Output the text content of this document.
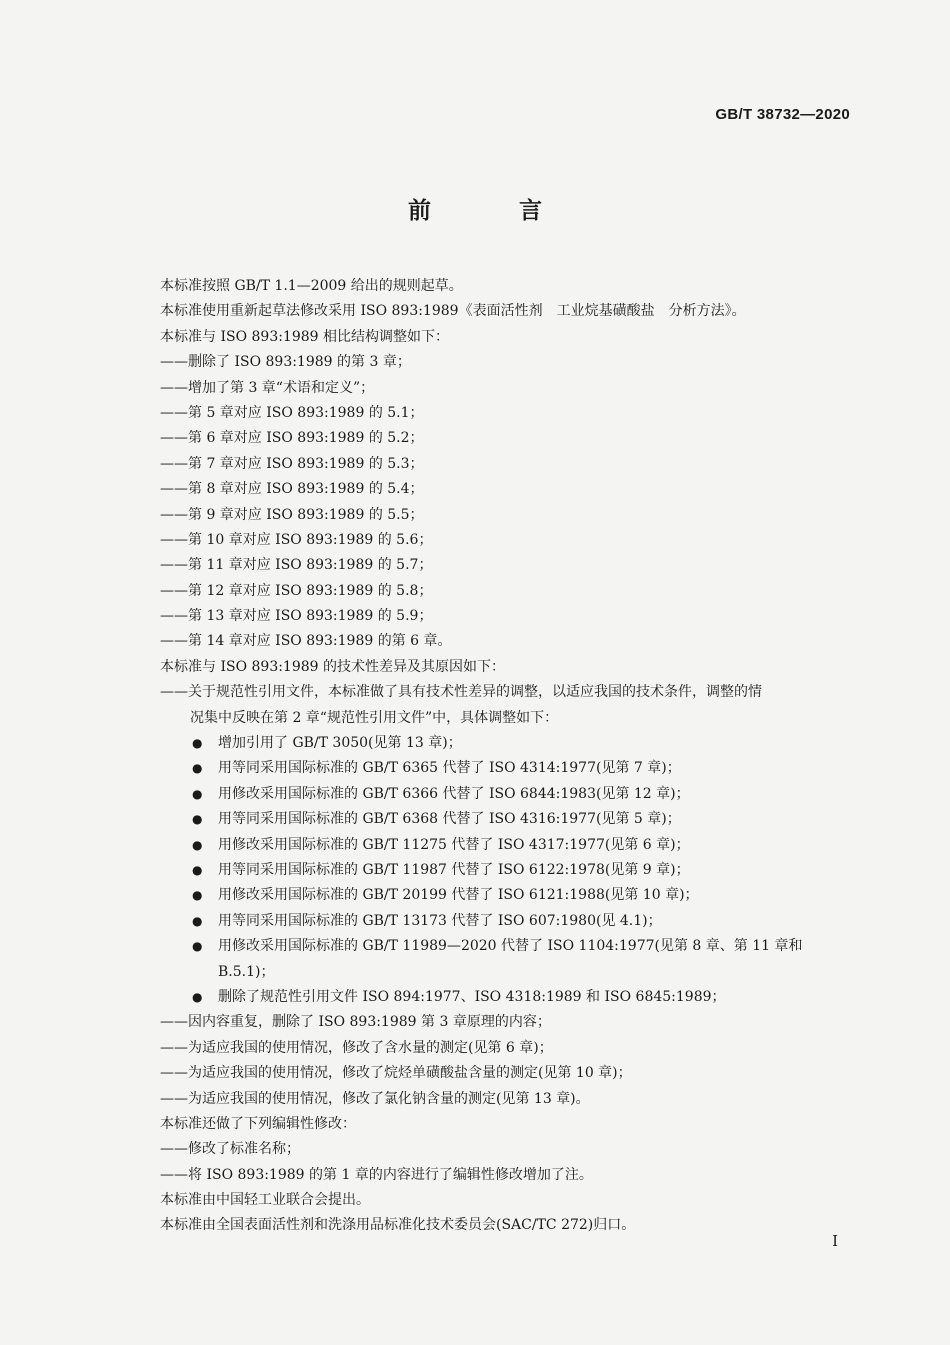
GB/T 38732—2020
前 言
本标准按照 GB/T 1.1—2009 给出的规则起草。
本标准使用重新起草法修改采用 ISO 893:1989《表面活性剂　工业烷基磺酸盐　分析方法》。
本标准与 ISO 893:1989 相比结构调整如下：
——删除了 ISO 893:1989 的第 3 章；
——增加了第 3 章“术语和定义”；
——第 5 章对应 ISO 893:1989 的 5.1；
——第 6 章对应 ISO 893:1989 的 5.2；
——第 7 章对应 ISO 893:1989 的 5.3；
——第 8 章对应 ISO 893:1989 的 5.4；
——第 9 章对应 ISO 893:1989 的 5.5；
——第 10 章对应 ISO 893:1989 的 5.6；
——第 11 章对应 ISO 893:1989 的 5.7；
——第 12 章对应 ISO 893:1989 的 5.8；
——第 13 章对应 ISO 893:1989 的 5.9；
——第 14 章对应 ISO 893:1989 的第 6 章。
本标准与 ISO 893:1989 的技术性差异及其原因如下：
——关于规范性引用文件，本标准做了具有技术性差异的调整，以适应我国的技术条件，调整的情
况集中反映在第 2 章“规范性引用文件”中，具体调整如下：
● 增加引用了 GB/T 3050(见第 13 章)；
● 用等同采用国际标准的 GB/T 6365 代替了 ISO 4314:1977(见第 7 章)；
● 用修改采用国际标准的 GB/T 6366 代替了 ISO 6844:1983(见第 12 章)；
● 用等同采用国际标准的 GB/T 6368 代替了 ISO 4316:1977(见第 5 章)；
● 用修改采用国际标准的 GB/T 11275 代替了 ISO 4317:1977(见第 6 章)；
● 用等同采用国际标准的 GB/T 11987 代替了 ISO 6122:1978(见第 9 章)；
● 用修改采用国际标准的 GB/T 20199 代替了 ISO 6121:1988(见第 10 章)；
● 用等同采用国际标准的 GB/T 13173 代替了 ISO 607:1980(见 4.1)；
● 用修改采用国际标准的 GB/T 11989—2020 代替了 ISO 1104:1977(见第 8 章、第 11 章和
B.5.1)；
● 删除了规范性引用文件 ISO 894:1977、ISO 4318:1989 和 ISO 6845:1989；
——因内容重复，删除了 ISO 893:1989 第 3 章原理的内容；
——为适应我国的使用情况，修改了含水量的测定(见第 6 章)；
——为适应我国的使用情况，修改了烷烃单磺酸盐含量的测定(见第 10 章)；
——为适应我国的使用情况，修改了氯化钠含量的测定(见第 13 章)。
本标准还做了下列编辑性修改：
——修改了标准名称；
——将 ISO 893:1989 的第 1 章的内容进行了编辑性修改增加了注。
本标准由中国轻工业联合会提出。
本标准由全国表面活性剂和洗涤用品标准化技术委员会(SAC/TC 272)归口。
I
